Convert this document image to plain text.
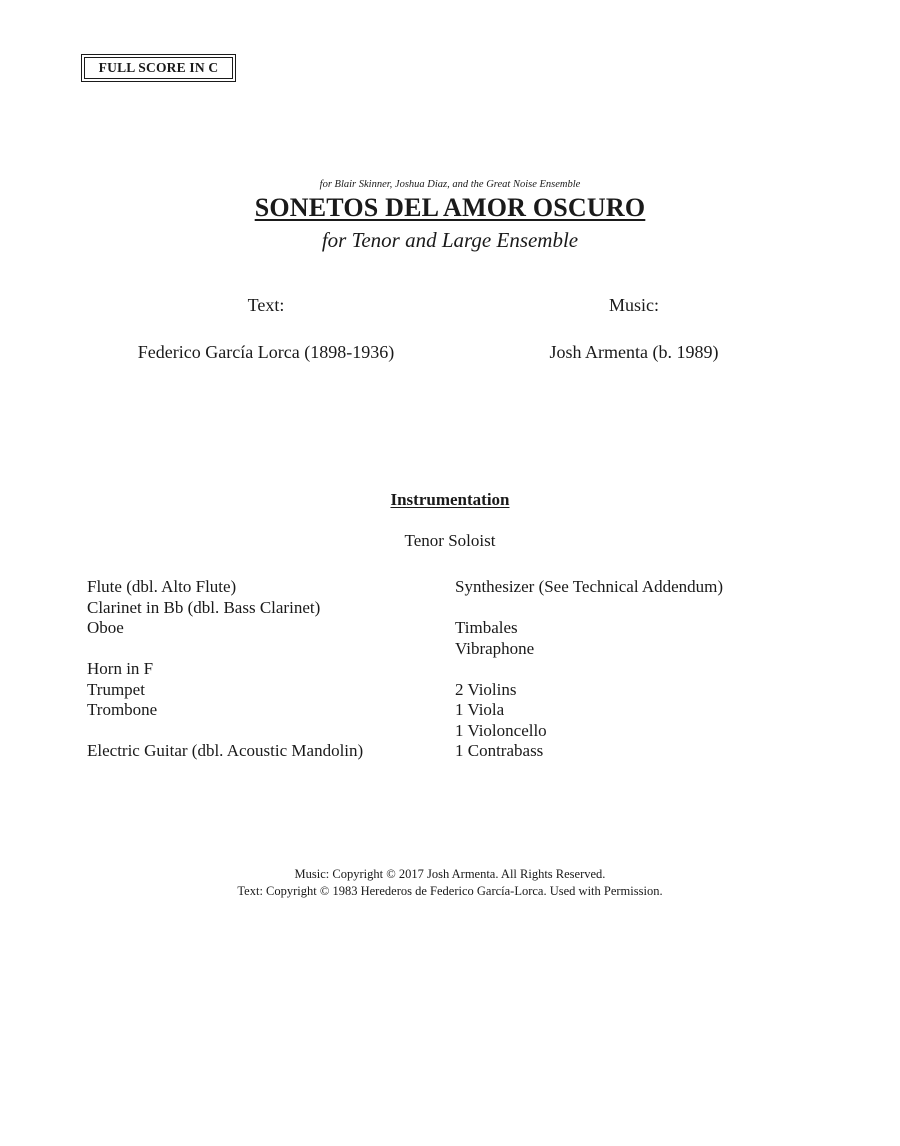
FULL SCORE IN C
for Blair Skinner, Joshua Diaz, and the Great Noise Ensemble
SONETOS DEL AMOR OSCURO
for Tenor and Large Ensemble
Text:	Music:
Federico García Lorca (1898-1936)	Josh Armenta (b. 1989)
Instrumentation
Tenor Soloist
Flute (dbl. Alto Flute)
Clarinet in Bb (dbl. Bass Clarinet)
Oboe
Horn in F
Trumpet
Trombone
Electric Guitar (dbl. Acoustic Mandolin)
Synthesizer (See Technical Addendum)
Timbales
Vibraphone
2 Violins
1 Viola
1 Violoncello
1 Contrabass
Music: Copyright © 2017 Josh Armenta. All Rights Reserved.
Text: Copyright © 1983 Herederos de Federico García-Lorca. Used with Permission.
